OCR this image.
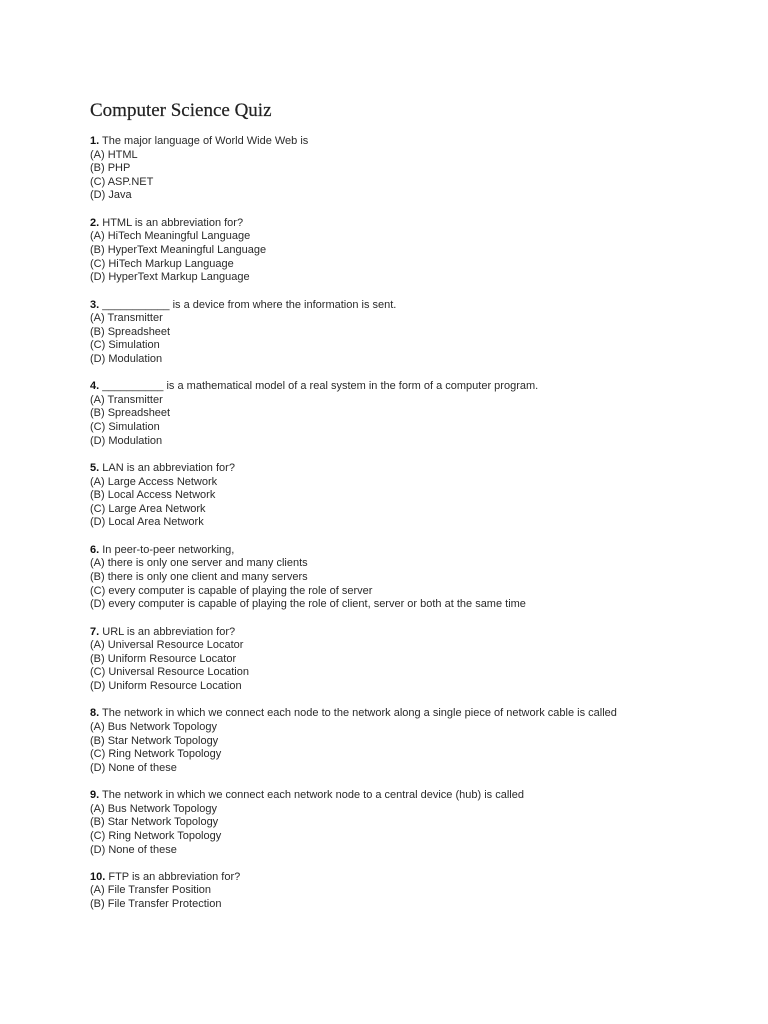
Computer Science Quiz
1. The major language of World Wide Web is
(A) HTML
(B) PHP
(C) ASP.NET
(D) Java
2. HTML is an abbreviation for?
(A) HiTech Meaningful Language
(B) HyperText Meaningful Language
(C) HiTech Markup Language
(D) HyperText Markup Language
3. ___________ is a device from where the information is sent.
(A) Transmitter
(B) Spreadsheet
(C) Simulation
(D) Modulation
4. __________ is a mathematical model of a real system in the form of a computer program.
(A) Transmitter
(B) Spreadsheet
(C) Simulation
(D) Modulation
5. LAN is an abbreviation for?
(A) Large Access Network
(B) Local Access Network
(C) Large Area Network
(D) Local Area Network
6. In peer-to-peer networking,
(A) there is only one server and many clients
(B) there is only one client and many servers
(C) every computer is capable of playing the role of server
(D) every computer is capable of playing the role of client, server or both at the same time
7. URL is an abbreviation for?
(A) Universal Resource Locator
(B) Uniform Resource Locator
(C) Universal Resource Location
(D) Uniform Resource Location
8. The network in which we connect each node to the network along a single piece of network cable is called
(A) Bus Network Topology
(B) Star Network Topology
(C) Ring Network Topology
(D) None of these
9. The network in which we connect each network node to a central device (hub) is called
(A) Bus Network Topology
(B) Star Network Topology
(C) Ring Network Topology
(D) None of these
10. FTP is an abbreviation for?
(A) File Transfer Position
(B) File Transfer Protection
